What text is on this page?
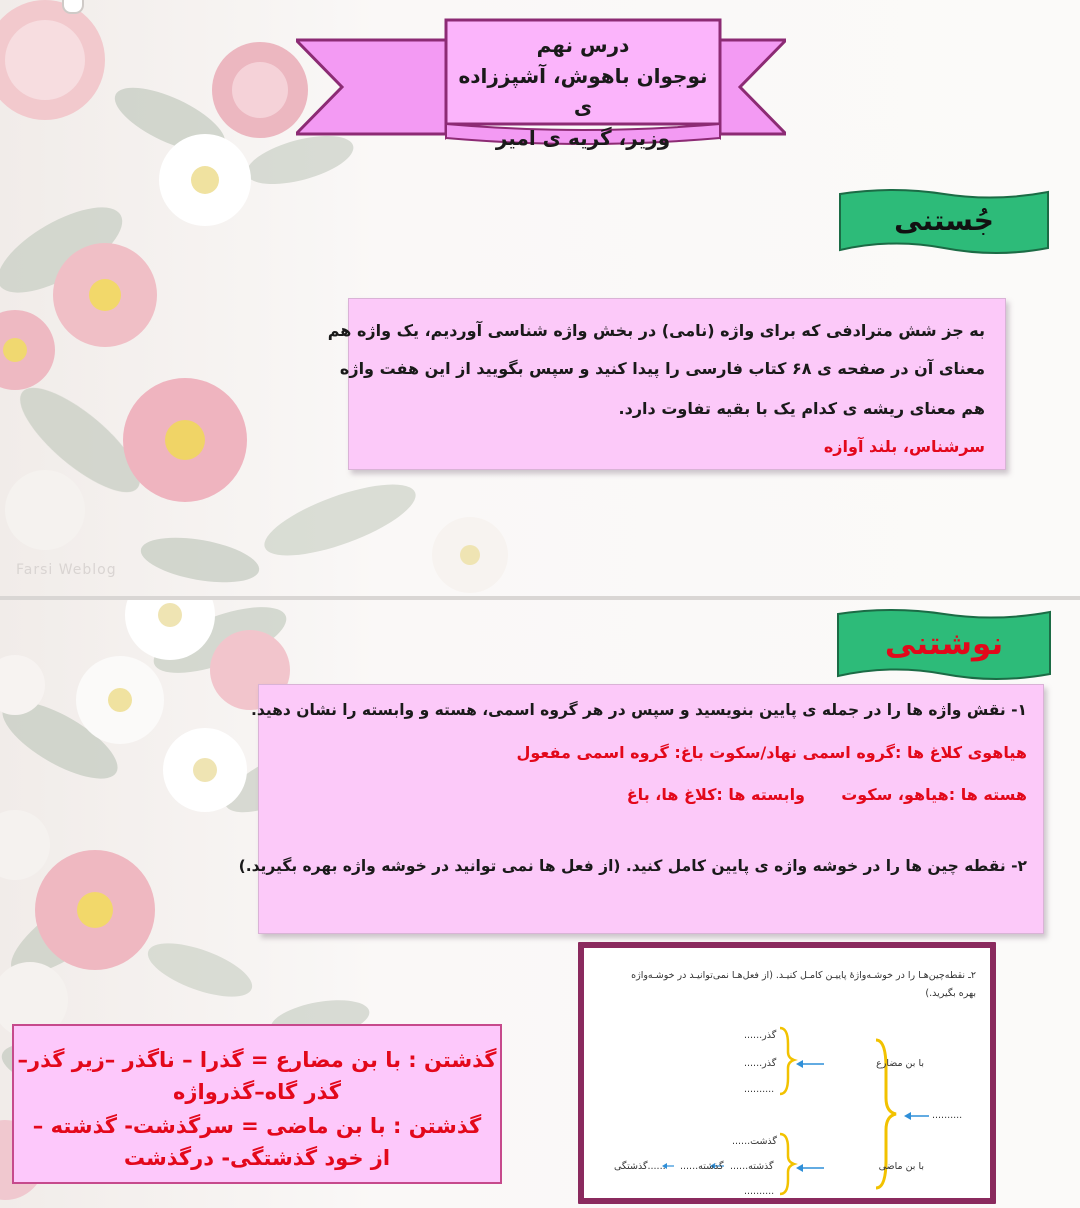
Farsi Weblog
درس نهم
نوجوان باهوش، آشپززاده ی
وزیر، گریه ی امیر
جُستنی
به جز شش مترادفی که برای واژه (نامی) در بخش واژه شناسی آوردیم، یک واژه هم
معنای آن در صفحه ی ۶۸ کتاب فارسی را پیدا کنید و سپس بگویید از این هفت واژه
هم معنای ریشه ی کدام یک با بقیه تفاوت دارد.
سرشناس، بلند آوازه
نوشتنی
۱- نقش واژه ها را در جمله ی پایین بنویسید و سپس در هر گروه اسمی، هسته و وابسته را نشان دهید.
هیاهوی کلاغ ها :گروه اسمی نهاد/سکوت باغ: گروه اسمی مفعول
هسته ها :هیاهو، سکوت
وابسته ها :کلاغ ها، باغ
۲- نقطه چین ها را در خوشه واژه ی پایین کامل کنید. (از فعل ها نمی توانید در خوشه واژه بهره بگیرید.)
گذشتن : با بن مضارع = گذرا – ناگذر –زیر گذر–
گذر گاه–گذرواژه
گذشتن : با بن ماضی = سرگذشت- گذشته –
از خود گذشتگی- درگذشت
۲ـ نقطه‌چین‌هـا را در خوشـه‌واژۀ پاییـن کامـل کنیـد. (از فعل‌هـا نمی‌توانیـد در خوشـه‌واژه
بهره بگیرید.)
..........
با بن مضارع
با بن ماضی
گذر......
گذر......
..........
گذشت......
گذشته......
گذشته......
......گذشتگی
..........
